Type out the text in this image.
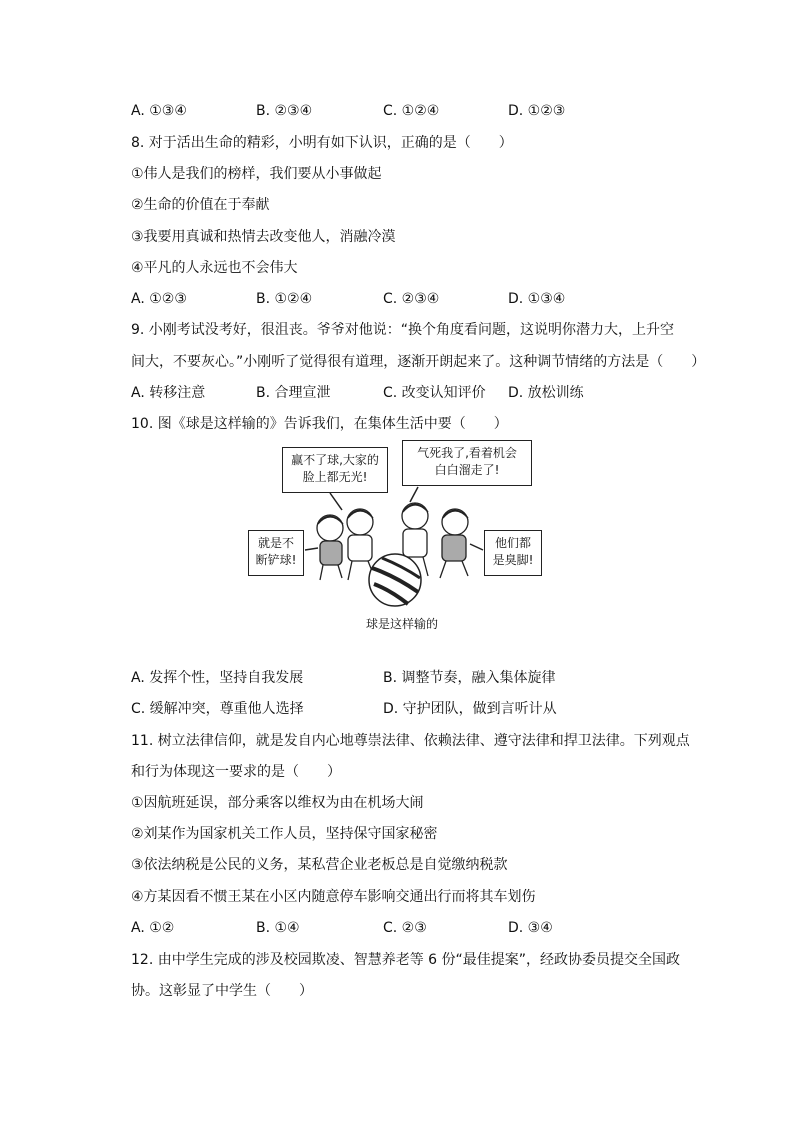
A. ①③④	B. ②③④	C. ①②④	D. ①②③
8. 对于活出生命的精彩，小明有如下认识，正确的是（　　）
①伟人是我们的榜样，我们要从小事做起
②生命的价值在于奉献
③我要用真诚和热情去改变他人，消融冷漠
④平凡的人永远也不会伟大
A. ①②③	B. ①②④	C. ②③④	D. ①③④
9. 小刚考试没考好，很沮丧。爷爷对他说：“换个角度看问题，这说明你潜力大，上升空
间大，不要灰心。”小刚听了觉得很有道理，逐渐开朗起来了。这种调节情绪的方法是（　　）
A. 转移注意	B. 合理宣泄	C. 改变认知评价 D. 放松训练
10. 图《球是这样输的》告诉我们，在集体生活中要（　　）
赢不了球,大家的
脸上都无光!
气死我了,看着机会
白白溜走了!
就是不
断铲球!
他们都
是臭脚!
球是这样输的
A. 发挥个性，坚持自我发展	B. 调整节奏，融入集体旋律
C. 缓解冲突，尊重他人选择	D. 守护团队，做到言听计从
11. 树立法律信仰，就是发自内心地尊崇法律、依赖法律、遵守法律和捍卫法律。下列观点
和行为体现这一要求的是（　　）
①因航班延误，部分乘客以维权为由在机场大闹
②刘某作为国家机关工作人员，坚持保守国家秘密
③依法纳税是公民的义务，某私营企业老板总是自觉缴纳税款
④方某因看不惯王某在小区内随意停车影响交通出行而将其车划伤
A. ①②	B. ①④	C. ②③	D. ③④
12. 由中学生完成的涉及校园欺凌、智慧养老等 6 份“最佳提案”，经政协委员提交全国政
协。这彰显了中学生（　　）
